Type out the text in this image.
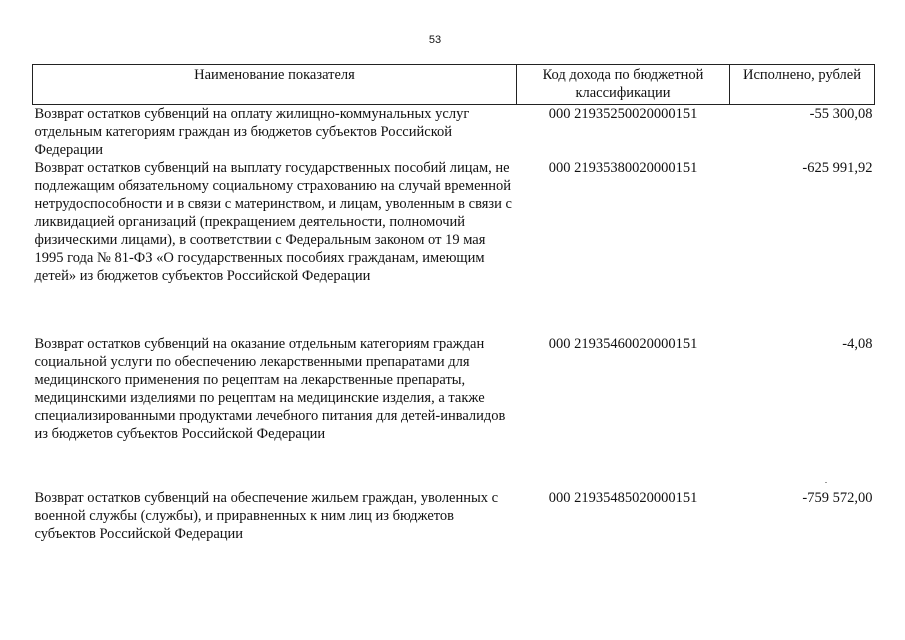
53
Наименование показателя	Код дохода по бюджетной классификации	Исполнено, рублей
Возврат остатков субвенций на оплату жилищно-коммунальных услуг отдельным категориям граждан из бюджетов субъектов Российской Федерации	000 21935250020000151	-55 300,08
Возврат остатков субвенций на выплату государственных пособий лицам, не подлежащим обязательному социальному страхованию на случай временной нетрудоспособности и в связи с материнством, и лицам, уволенным в связи с ликвидацией организаций (прекращением деятельности, полномочий физическими лицами), в соответствии с Федеральным законом от 19 мая 1995 года № 81-ФЗ «О государственных пособиях гражданам, имеющим детей» из бюджетов субъектов Российской Федерации	000 21935380020000151	-625 991,92
Возврат остатков субвенций на оказание отдельным категориям граждан социальной услуги по обеспечению лекарственными препаратами для медицинского применения по рецептам на лекарственные препараты, медицинскими изделиями по рецептам на медицинские изделия, а также специализированными продуктами лечебного питания для детей-инвалидов из бюджетов субъектов Российской Федерации	000 21935460020000151	-4,08
Возврат остатков субвенций на обеспечение жильем граждан, уволенных с военной службы (службы), и приравненных к ним лиц из бюджетов субъектов Российской Федерации	000 21935485020000151	-759 572,00
